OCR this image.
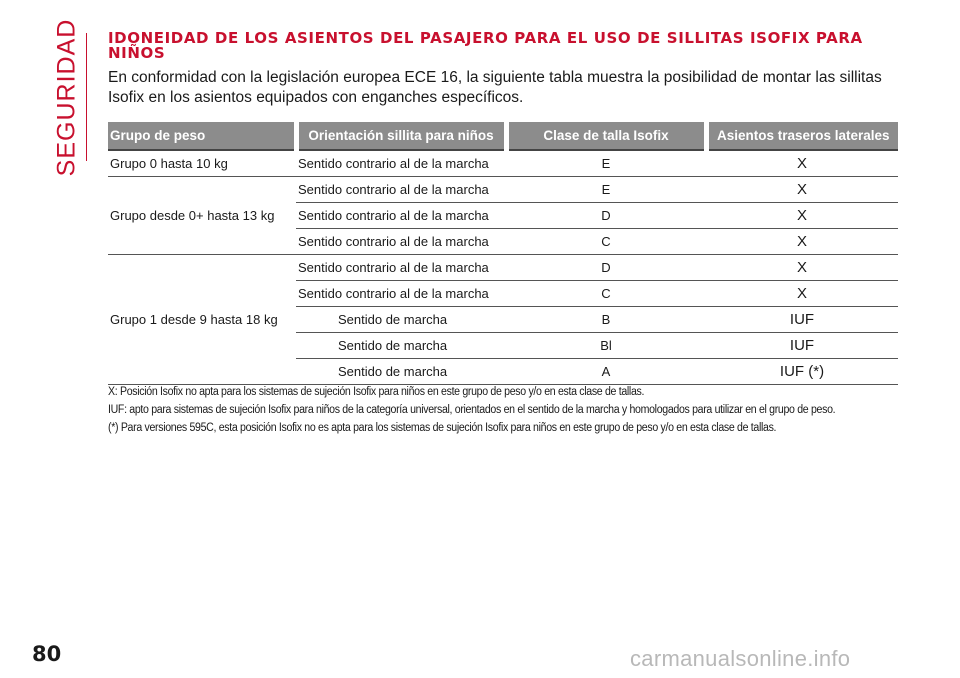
SEGURIDAD IDONEIDAD DE LOS ASIENTOS DEL PASAJERO PARA EL USO DE SILLITAS ISOFIX PARA NIÑOS
En conformidad con la legislación europea ECE 16, la siguiente tabla muestra la posibilidad de montar las sillitas Isofix en los asientos equipados con enganches específicos.
Grupo de peso	Orientación sillita para niños	Clase de talla Isofix	Asientos traseros laterales
Grupo 0 hasta 10 kg	Sentido contrario al de la marcha	E	X
Grupo desde 0+ hasta 13 kg	Sentido contrario al de la marcha	E	X
	Sentido contrario al de la marcha	D	X
	Sentido contrario al de la marcha	C	X
Grupo 1 desde 9 hasta 18 kg	Sentido contrario al de la marcha	D	X
	Sentido contrario al de la marcha	C	X
	Sentido de marcha	B	IUF
	Sentido de marcha	Bl	IUF
	Sentido de marcha	A	IUF (*)

X: Posición Isofix no apta para los sistemas de sujeción Isofix para niños en este grupo de peso y/o en esta clase de tallas.

IUF: apto para sistemas de sujeción Isofix para niños de la categoría universal, orientados en el sentido de la marcha y homologados para utilizar en el grupo de peso.

(*) Para versiones 595C, esta posición Isofix no es apta para los sistemas de sujeción Isofix para niños en este grupo de peso y/o en esta clase de tallas.

80	carmanualsonline.info
